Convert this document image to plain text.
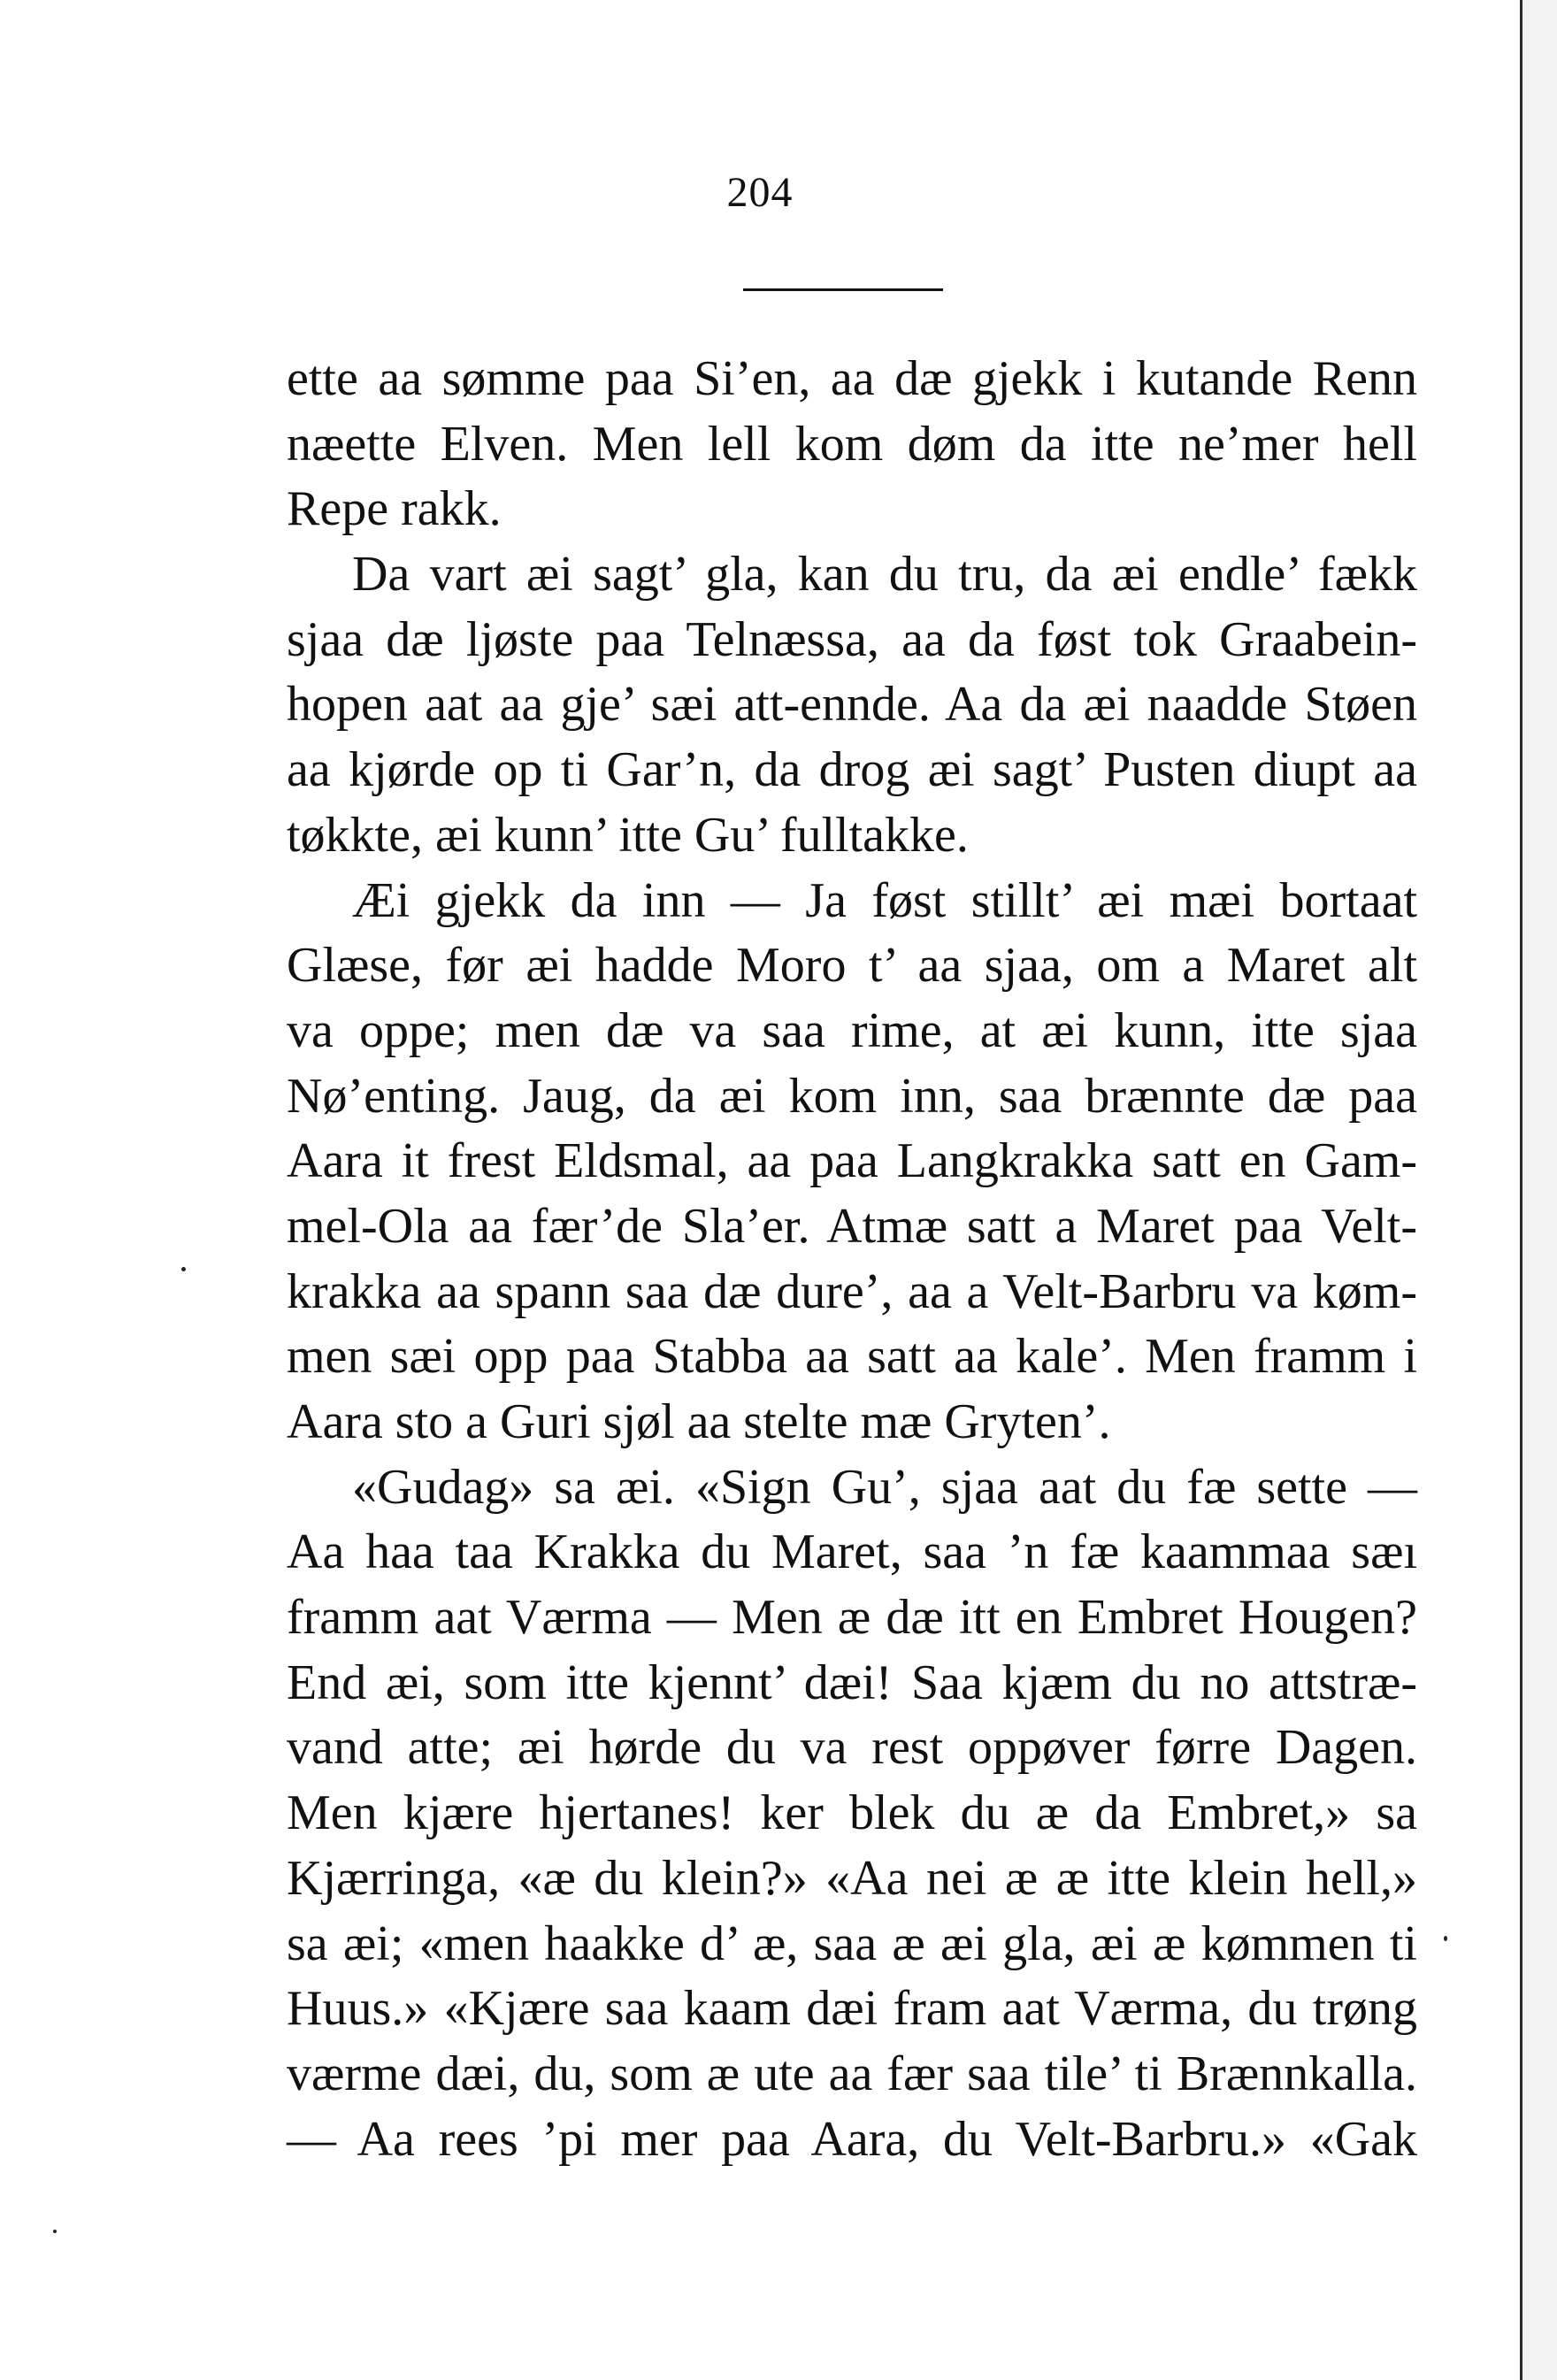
204
ette aa sømme paa Si’en, aa dæ gjekk i kutande Renn
næette Elven. Men lell kom døm da itte ne’mer hell
Repe rakk.
Da vart æi sagt’ gla, kan du tru, da æi endle’ fækk
sjaa dæ ljøste paa Telnæssa, aa da føst tok Graabein-
hopen aat aa gje’ sæi att-ennde. Aa da æi naadde Støen
aa kjørde op ti Gar’n, da drog æi sagt’ Pusten diupt aa
tøkkte, æi kunn’ itte Gu’ fulltakke.
Æi gjekk da inn — Ja føst stillt’ æi mæi bortaat
Glæse, før æi hadde Moro t’ aa sjaa, om a Maret alt
va oppe; men dæ va saa rime, at æi kunn, itte sjaa
Nø’enting. Jaug, da æi kom inn, saa brænnte dæ paa
Aara it frest Eldsmal, aa paa Langkrakka satt en Gam-
mel-Ola aa fær’de Sla’er. Atmæ satt a Maret paa Velt-
krakka aa spann saa dæ dure’, aa a Velt-Barbru va køm-
men sæi opp paa Stabba aa satt aa kale’. Men framm i
Aara sto a Guri sjøl aa stelte mæ Gryten’.
«Gudag» sa æi. «Sign Gu’, sjaa aat du fæ sette —
Aa haa taa Krakka du Maret, saa ’n fæ kaammaa sæı
framm aat Værma — Men æ dæ itt en Embret Hougen?
End æi, som itte kjennt’ dæi! Saa kjæm du no attstræ-
vand atte; æi hørde du va rest oppøver førre Dagen.
Men kjære hjertanes! ker blek du æ da Embret,» sa
Kjærringa, «æ du klein?» «Aa nei æ æ itte klein hell,»
sa æi; «men haakke d’ æ, saa æ æi gla, æi æ kømmen ti
Huus.» «Kjære saa kaam dæi fram aat Værma, du trøng
værme dæi, du, som æ ute aa fær saa tile’ ti Brænnkalla.
— Aa rees ’pi mer paa Aara, du Velt-Barbru.» «Gak
